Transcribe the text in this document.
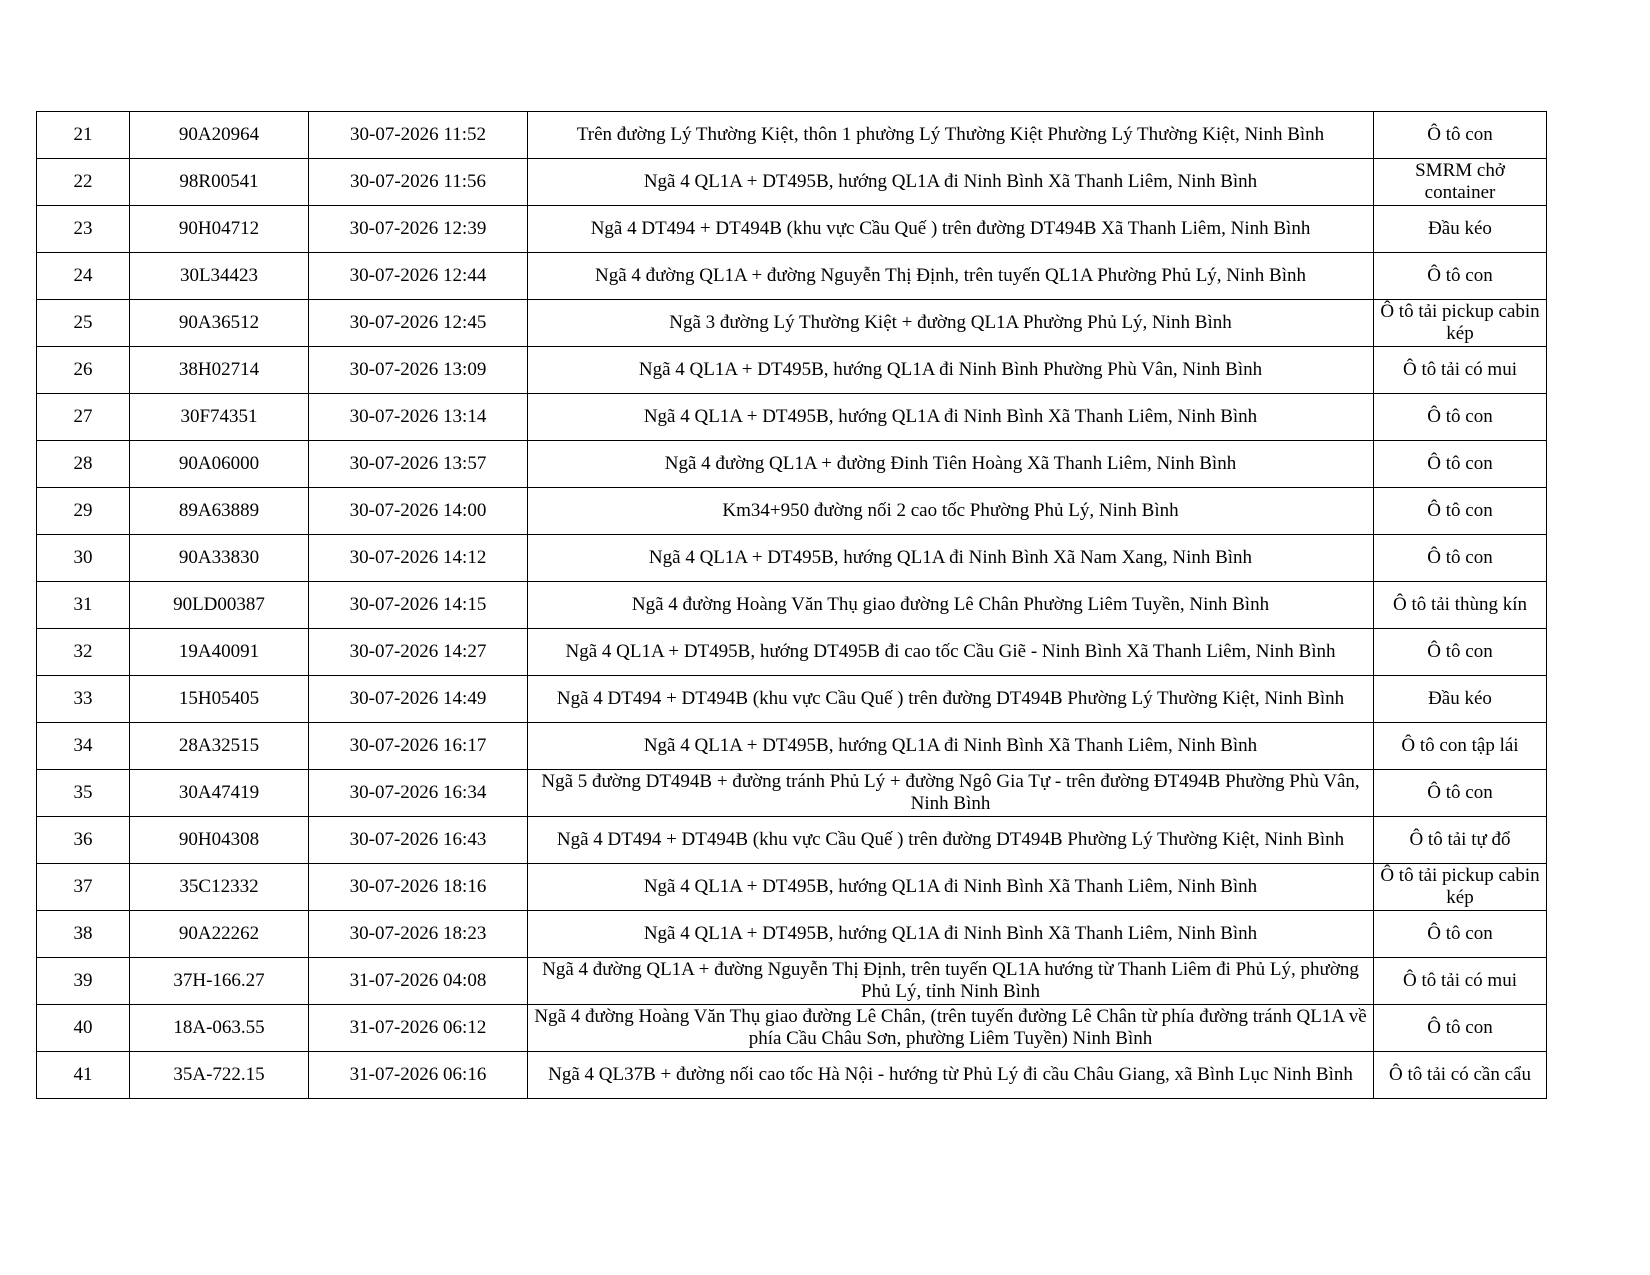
21	90A20964	30-07-2026 11:52	Trên đường Lý Thường Kiệt, thôn 1 phường Lý Thường Kiệt Phường Lý Thường Kiệt, Ninh Bình	Ô tô con
22	98R00541	30-07-2026 11:56	Ngã 4 QL1A + DT495B, hướng QL1A đi Ninh Bình Xã Thanh Liêm, Ninh Bình	SMRM chở container
23	90H04712	30-07-2026 12:39	Ngã 4 DT494 + DT494B (khu vực Cầu Quế ) trên đường DT494B Xã Thanh Liêm, Ninh Bình	Đầu kéo
24	30L34423	30-07-2026 12:44	Ngã 4 đường QL1A + đường Nguyễn Thị Định, trên tuyến QL1A Phường Phủ Lý, Ninh Bình	Ô tô con
25	90A36512	30-07-2026 12:45	Ngã 3 đường Lý Thường Kiệt + đường QL1A Phường Phủ Lý, Ninh Bình	Ô tô tải pickup cabin kép
26	38H02714	30-07-2026 13:09	Ngã 4 QL1A + DT495B, hướng QL1A đi Ninh Bình Phường Phù Vân, Ninh Bình	Ô tô tải có mui
27	30F74351	30-07-2026 13:14	Ngã 4 QL1A + DT495B, hướng QL1A đi Ninh Bình Xã Thanh Liêm, Ninh Bình	Ô tô con
28	90A06000	30-07-2026 13:57	Ngã 4 đường QL1A + đường Đinh Tiên Hoàng Xã Thanh Liêm, Ninh Bình	Ô tô con
29	89A63889	30-07-2026 14:00	Km34+950 đường nối 2 cao tốc Phường Phủ Lý, Ninh Bình	Ô tô con
30	90A33830	30-07-2026 14:12	Ngã 4 QL1A + DT495B, hướng QL1A đi Ninh Bình Xã Nam Xang, Ninh Bình	Ô tô con
31	90LD00387	30-07-2026 14:15	Ngã 4 đường Hoàng Văn Thụ giao đường Lê Chân Phường Liêm Tuyền, Ninh Bình	Ô tô tải thùng kín
32	19A40091	30-07-2026 14:27	Ngã 4 QL1A + DT495B, hướng DT495B đi cao tốc Cầu Giẽ - Ninh Bình Xã Thanh Liêm, Ninh Bình	Ô tô con
33	15H05405	30-07-2026 14:49	Ngã 4 DT494 + DT494B (khu vực Cầu Quế ) trên đường DT494B Phường Lý Thường Kiệt, Ninh Bình	Đầu kéo
34	28A32515	30-07-2026 16:17	Ngã 4 QL1A + DT495B, hướng QL1A đi Ninh Bình Xã Thanh Liêm, Ninh Bình	Ô tô con tập lái
35	30A47419	30-07-2026 16:34	Ngã 5 đường DT494B + đường tránh Phủ Lý + đường Ngô Gia Tự - trên đường ĐT494B Phường Phù Vân, Ninh Bình	Ô tô con
36	90H04308	30-07-2026 16:43	Ngã 4 DT494 + DT494B (khu vực Cầu Quế ) trên đường DT494B Phường Lý Thường Kiệt, Ninh Bình	Ô tô tải tự đổ
37	35C12332	30-07-2026 18:16	Ngã 4 QL1A + DT495B, hướng QL1A đi Ninh Bình Xã Thanh Liêm, Ninh Bình	Ô tô tải pickup cabin kép
38	90A22262	30-07-2026 18:23	Ngã 4 QL1A + DT495B, hướng QL1A đi Ninh Bình Xã Thanh Liêm, Ninh Bình	Ô tô con
39	37H-166.27	31-07-2026 04:08	Ngã 4 đường QL1A + đường Nguyễn Thị Định, trên tuyến QL1A hướng từ Thanh Liêm đi Phủ Lý, phường Phủ Lý, tỉnh Ninh Bình	Ô tô tải có mui
40	18A-063.55	31-07-2026 06:12	Ngã 4 đường Hoàng Văn Thụ giao đường Lê Chân, (trên tuyến đường Lê Chân từ phía đường tránh QL1A về phía Cầu Châu Sơn, phường Liêm Tuyền) Ninh Bình	Ô tô con
41	35A-722.15	31-07-2026 06:16	Ngã 4 QL37B + đường nối cao tốc Hà Nội - hướng từ Phủ Lý đi cầu Châu Giang, xã Bình Lục Ninh Bình	Ô tô tải có cần cẩu
